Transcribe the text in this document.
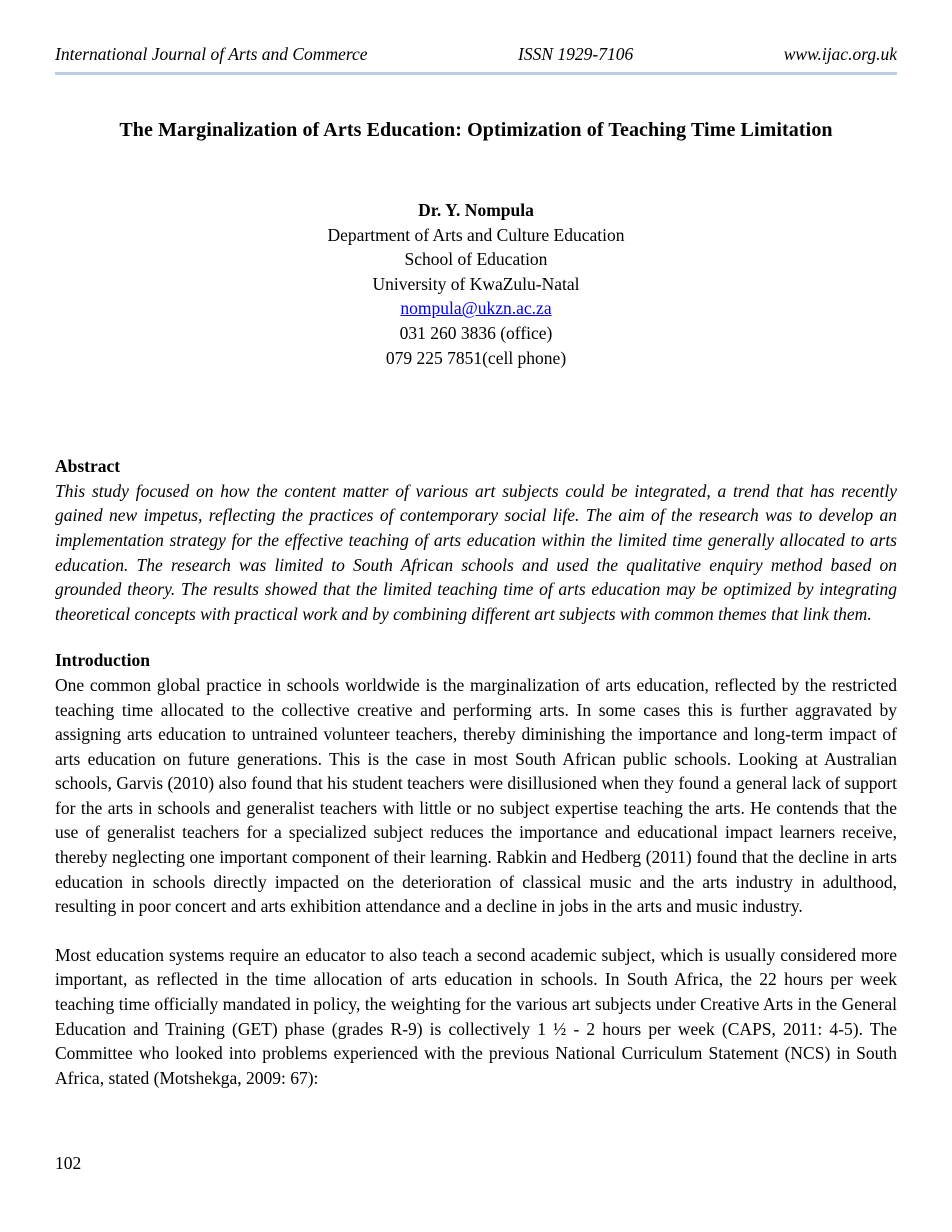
International Journal of Arts and Commerce	ISSN 1929-7106	www.ijac.org.uk
The Marginalization of Arts Education: Optimization of Teaching Time Limitation
Dr. Y. Nompula
Department of Arts and Culture Education
School of Education
University of KwaZulu-Natal
nompula@ukzn.ac.za
031 260 3836 (office)
079 225 7851(cell phone)
Abstract

This study focused on how the content matter of various art subjects could be integrated, a trend that has recently gained new impetus, reflecting the practices of contemporary social life. The aim of the research was to develop an implementation strategy for the effective teaching of arts education within the limited time generally allocated to arts education. The research was limited to South African schools and used the qualitative enquiry method based on grounded theory. The results showed that the limited teaching time of arts education may be optimized by integrating theoretical concepts with practical work and by combining different art subjects with common themes that link them.

Introduction

One common global practice in schools worldwide is the marginalization of arts education, reflected by the restricted teaching time allocated to the collective creative and performing arts. In some cases this is further aggravated by assigning arts education to untrained volunteer teachers, thereby diminishing the importance and long-term impact of arts education on future generations. This is the case in most South African public schools. Looking at Australian schools, Garvis (2010) also found that his student teachers were disillusioned when they found a general lack of support for the arts in schools and generalist teachers with little or no subject expertise teaching the arts. He contends that the use of generalist teachers for a specialized subject reduces the importance and educational impact learners receive, thereby neglecting one important component of their learning. Rabkin and Hedberg (2011) found that the decline in arts education in schools directly impacted on the deterioration of classical music and the arts industry in adulthood, resulting in poor concert and arts exhibition attendance and a decline in jobs in the arts and music industry.

Most education systems require an educator to also teach a second academic subject, which is usually considered more important, as reflected in the time allocation of arts education in schools. In South Africa, the 22 hours per week teaching time officially mandated in policy, the weighting for the various art subjects under Creative Arts in the General Education and Training (GET) phase (grades R-9) is collectively 1 ½ - 2 hours per week (CAPS, 2011: 4-5). The Committee who looked into problems experienced with the previous National Curriculum Statement (NCS) in South Africa, stated (Motshekga, 2009: 67):

102
